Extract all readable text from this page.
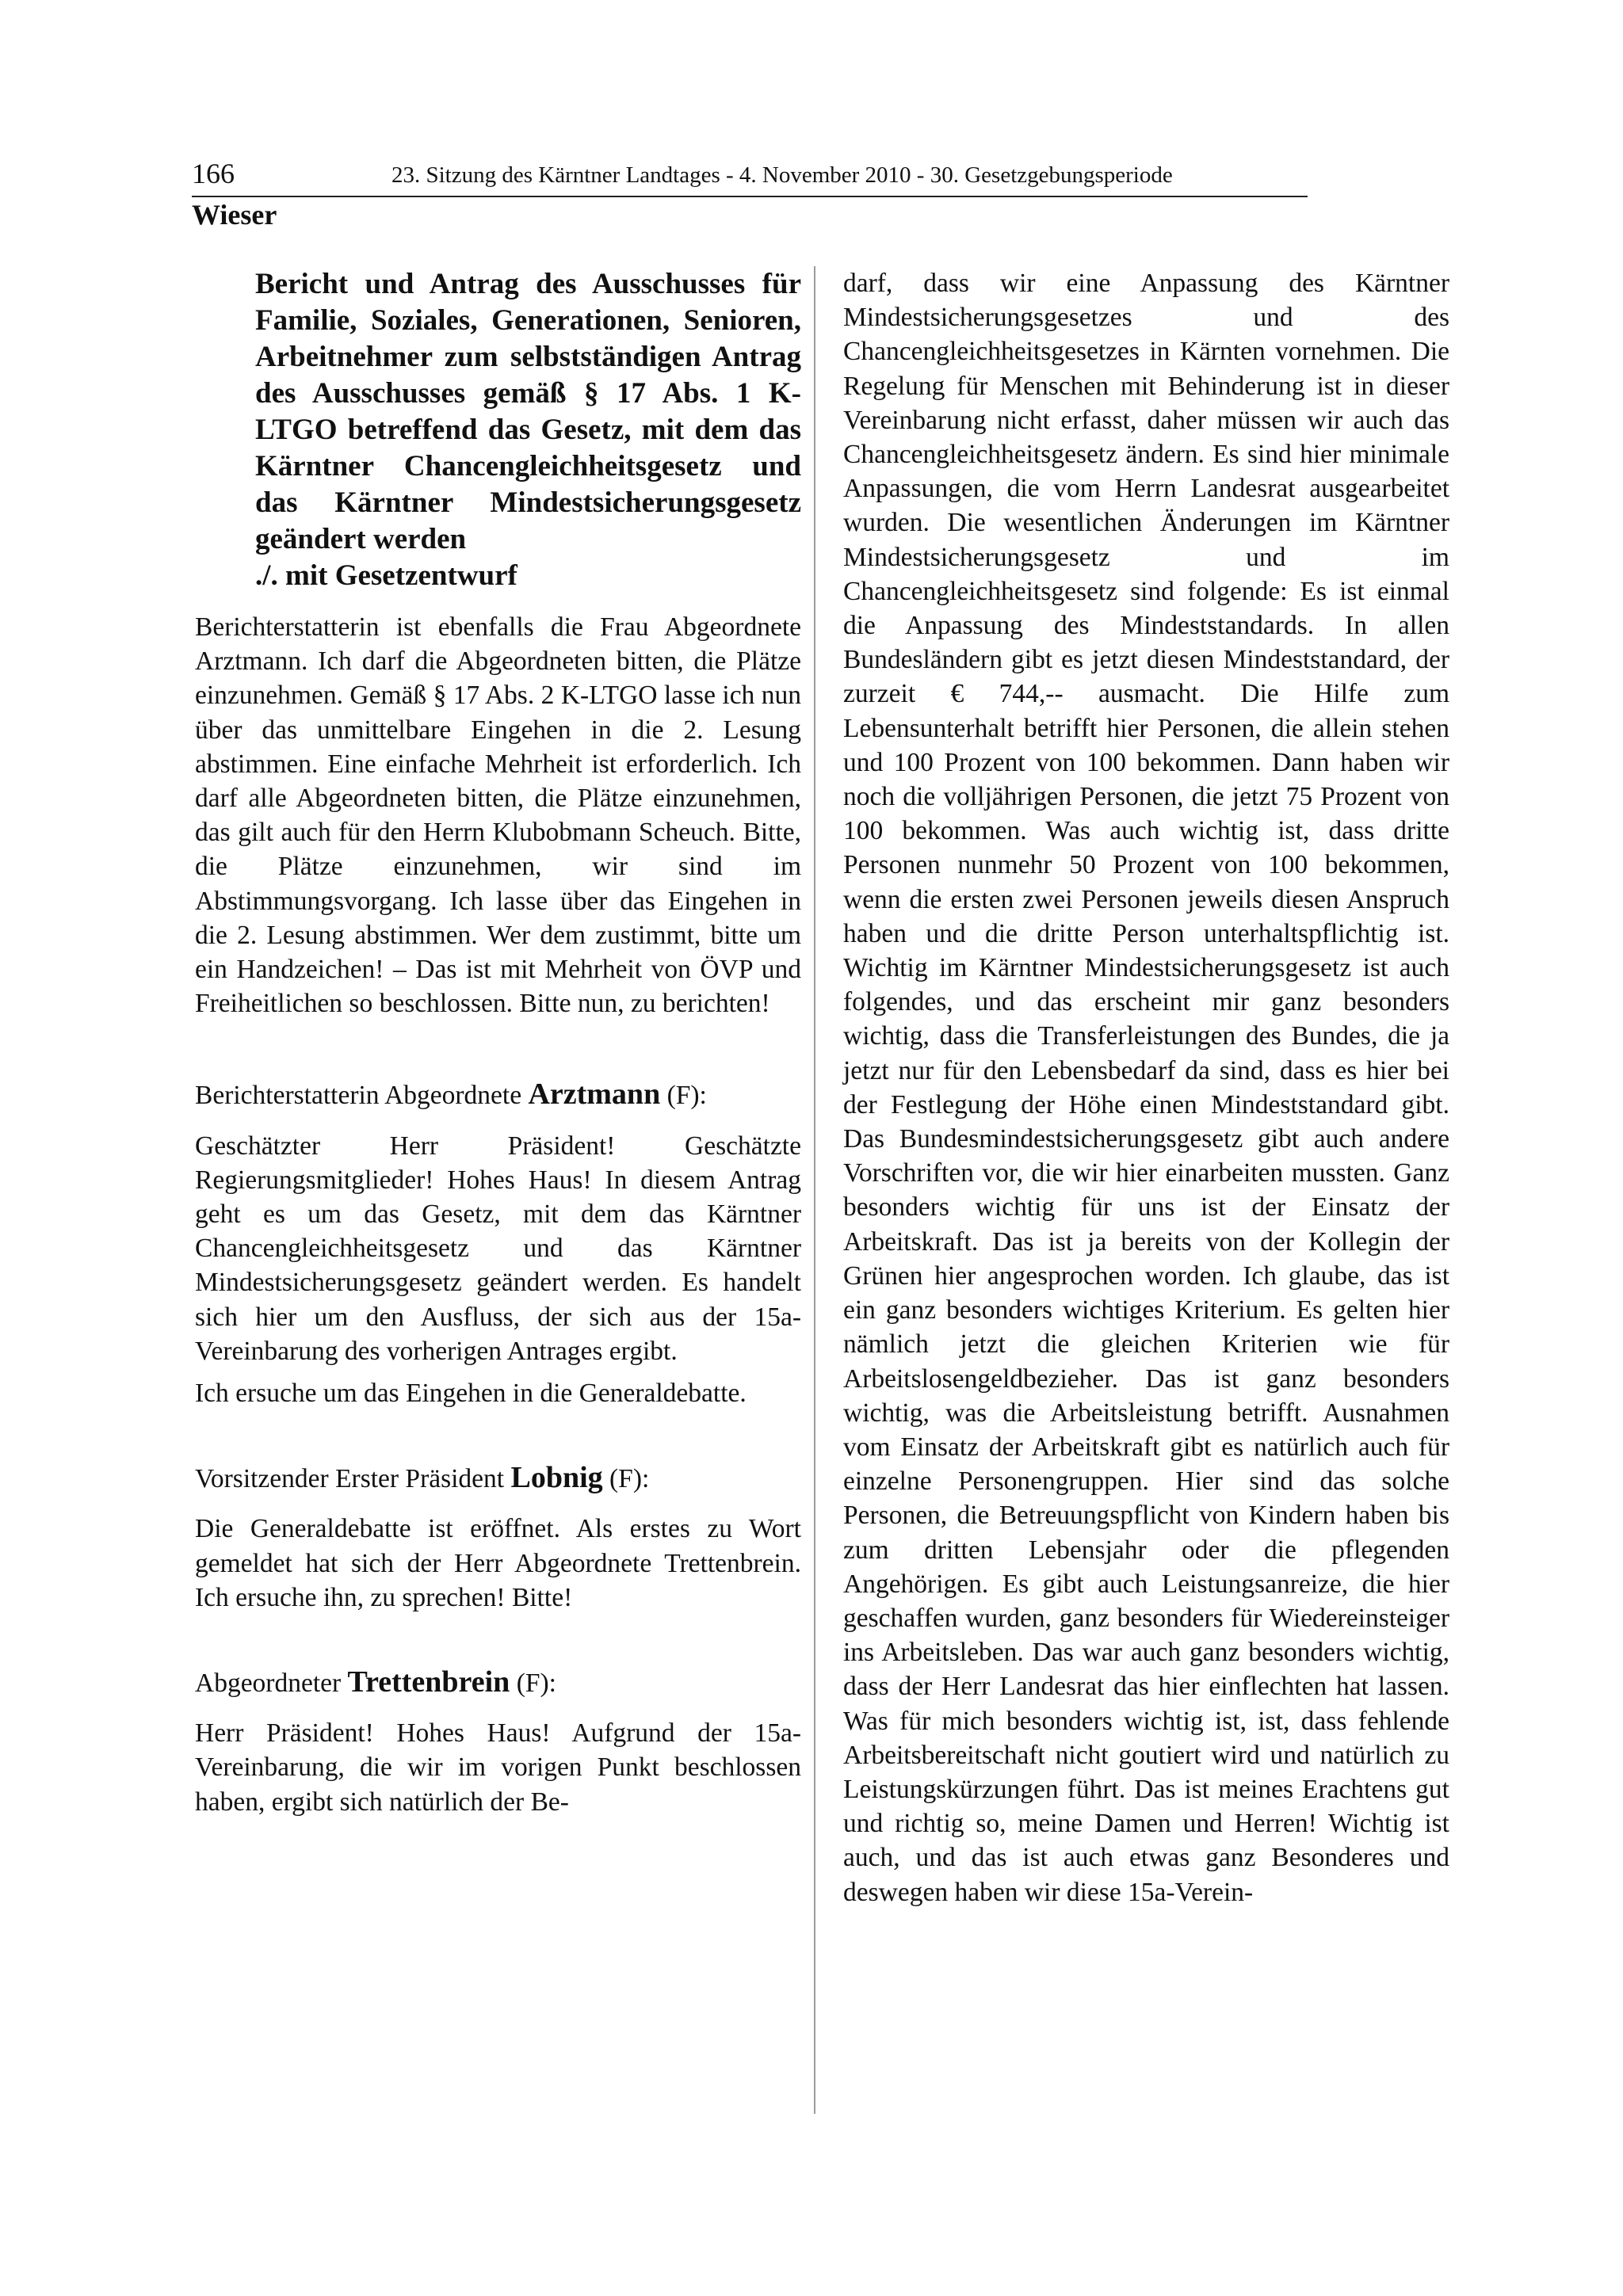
166	23. Sitzung des Kärntner Landtages - 4. November 2010 - 30. Gesetzgebungsperiode
Wieser
Bericht und Antrag des Ausschusses für Familie, Soziales, Generationen, Senioren, Arbeitnehmer zum selbstständigen Antrag des Ausschusses gemäß § 17 Abs. 1 K-LTGO betreffend das Gesetz, mit dem das Kärntner Chancengleichheitsgesetz und das Kärntner Mindestsicherungsgesetz geändert werden
./. mit Gesetzentwurf

Berichterstatterin ist ebenfalls die Frau Abgeordnete Arztmann. Ich darf die Abgeordneten bitten, die Plätze einzunehmen. Gemäß § 17 Abs. 2 K-LTGO lasse ich nun über das unmittelbare Eingehen in die 2. Lesung abstimmen. Eine einfache Mehrheit ist erforderlich. Ich darf alle Abgeordneten bitten, die Plätze einzunehmen, das gilt auch für den Herrn Klubobmann Scheuch. Bitte, die Plätze einzunehmen, wir sind im Abstimmungsvorgang. Ich lasse über das Eingehen in die 2. Lesung abstimmen. Wer dem zustimmt, bitte um ein Handzeichen! – Das ist mit Mehrheit von ÖVP und Freiheitlichen so beschlossen. Bitte nun, zu berichten!

Berichterstatterin Abgeordnete Arztmann (F):

Geschätzter Herr Präsident! Geschätzte Regierungsmitglieder! Hohes Haus! In diesem Antrag geht es um das Gesetz, mit dem das Kärntner Chancengleichheitsgesetz und das Kärntner Mindestsicherungsgesetz geändert werden. Es handelt sich hier um den Ausfluss, der sich aus der 15a-Vereinbarung des vorherigen Antrages ergibt.

Ich ersuche um das Eingehen in die Generaldebatte.

Vorsitzender Erster Präsident Lobnig (F):

Die Generaldebatte ist eröffnet. Als erstes zu Wort gemeldet hat sich der Herr Abgeordnete Trettenbrein. Ich ersuche ihn, zu sprechen! Bitte!

Abgeordneter Trettenbrein (F):

Herr Präsident! Hohes Haus! Aufgrund der 15a-Vereinbarung, die wir im vorigen Punkt beschlossen haben, ergibt sich natürlich der Be-

darf, dass wir eine Anpassung des Kärntner Mindestsicherungsgesetzes und des Chancengleichheitsgesetzes in Kärnten vornehmen. Die Regelung für Menschen mit Behinderung ist in dieser Vereinbarung nicht erfasst, daher müssen wir auch das Chancengleichheitsgesetz ändern. Es sind hier minimale Anpassungen, die vom Herrn Landesrat ausgearbeitet wurden. Die wesentlichen Änderungen im Kärntner Mindestsicherungsgesetz und im Chancengleichheitsgesetz sind folgende: Es ist einmal die Anpassung des Mindeststandards. In allen Bundesländern gibt es jetzt diesen Mindeststandard, der zurzeit € 744,-- ausmacht. Die Hilfe zum Lebensunterhalt betrifft hier Personen, die allein stehen und 100 Prozent von 100 bekommen. Dann haben wir noch die volljährigen Personen, die jetzt 75 Prozent von 100 bekommen. Was auch wichtig ist, dass dritte Personen nunmehr 50 Prozent von 100 bekommen, wenn die ersten zwei Personen jeweils diesen Anspruch haben und die dritte Person unterhaltspflichtig ist. Wichtig im Kärntner Mindestsicherungsgesetz ist auch folgendes, und das erscheint mir ganz besonders wichtig, dass die Transferleistungen des Bundes, die ja jetzt nur für den Lebensbedarf da sind, dass es hier bei der Festlegung der Höhe einen Mindeststandard gibt. Das Bundesmindestsicherungsgesetz gibt auch andere Vorschriften vor, die wir hier einarbeiten mussten. Ganz besonders wichtig für uns ist der Einsatz der Arbeitskraft. Das ist ja bereits von der Kollegin der Grünen hier angesprochen worden. Ich glaube, das ist ein ganz besonders wichtiges Kriterium. Es gelten hier nämlich jetzt die gleichen Kriterien wie für Arbeitslosengeldbezieher. Das ist ganz besonders wichtig, was die Arbeitsleistung betrifft. Ausnahmen vom Einsatz der Arbeitskraft gibt es natürlich auch für einzelne Personengruppen. Hier sind das solche Personen, die Betreuungspflicht von Kindern haben bis zum dritten Lebensjahr oder die pflegenden Angehörigen. Es gibt auch Leistungsanreize, die hier geschaffen wurden, ganz besonders für Wiedereinsteiger ins Arbeitsleben. Das war auch ganz besonders wichtig, dass der Herr Landesrat das hier einflechten hat lassen. Was für mich besonders wichtig ist, ist, dass fehlende Arbeitsbereitschaft nicht goutiert wird und natürlich zu Leistungskürzungen führt. Das ist meines Erachtens gut und richtig so, meine Damen und Herren! Wichtig ist auch, und das ist auch etwas ganz Besonderes und deswegen haben wir diese 15a-Verein-
